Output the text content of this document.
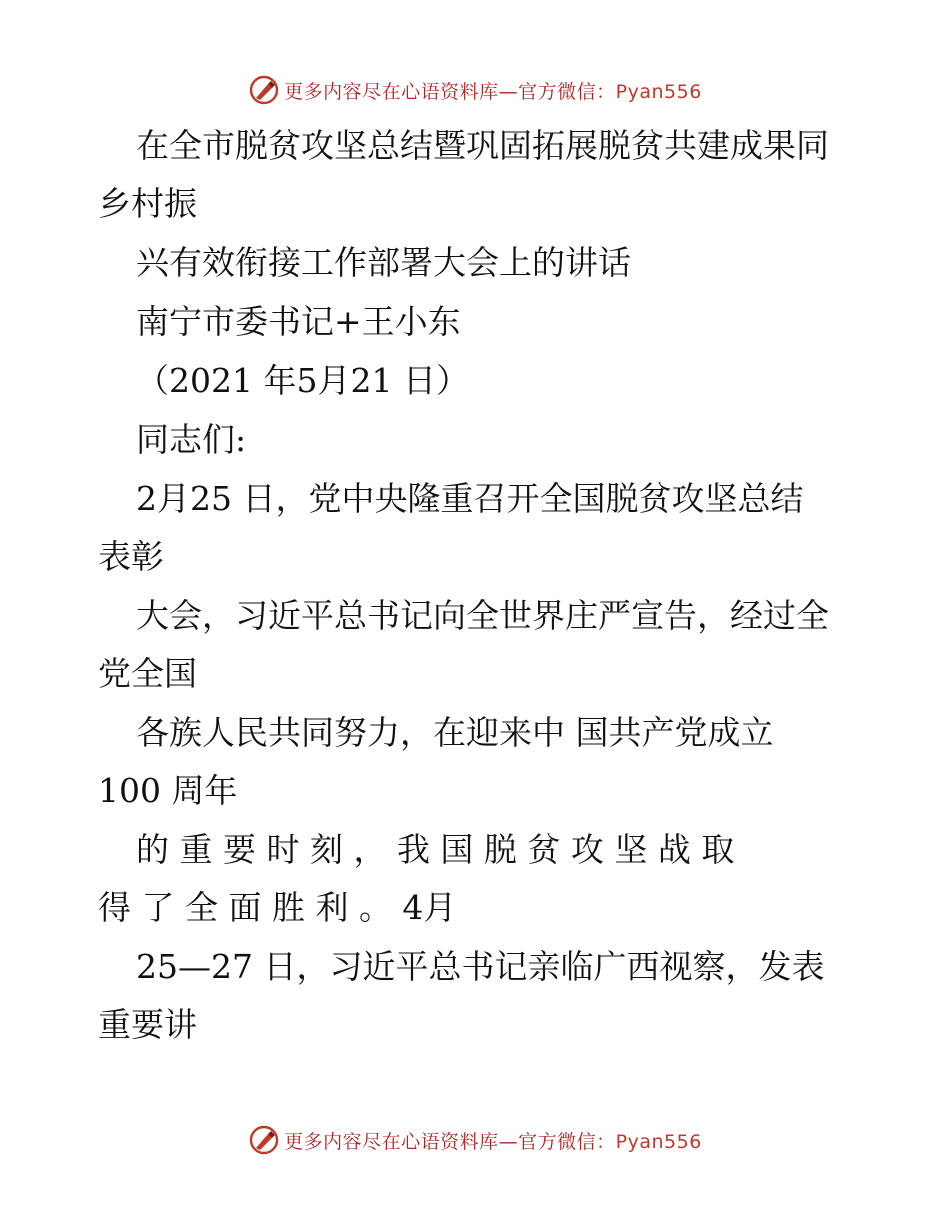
更多内容尽在心语资料库—官方微信：Pyan556
在全市脱贫攻坚总结暨巩固拓展脱贫共建成果同
乡村振
兴有效衔接工作部署大会上的讲话
南宁市委书记+王小东
（2021 年5月21 日）
同志们:
2月25 日，党中央隆重召开全国脱贫攻坚总结
表彰
大会，习近平总书记向全世界庄严宣告，经过全
党全国
各族人民共同努力，在迎来中 国共产党成立
100 周年
的 重 要 时 刻 ， 我 国 脱 贫 攻 坚 战 取
得 了 全 面 胜 利 。 4月
25—27 日，习近平总书记亲临广西视察，发表
重要讲
更多内容尽在心语资料库—官方微信：Pyan556
